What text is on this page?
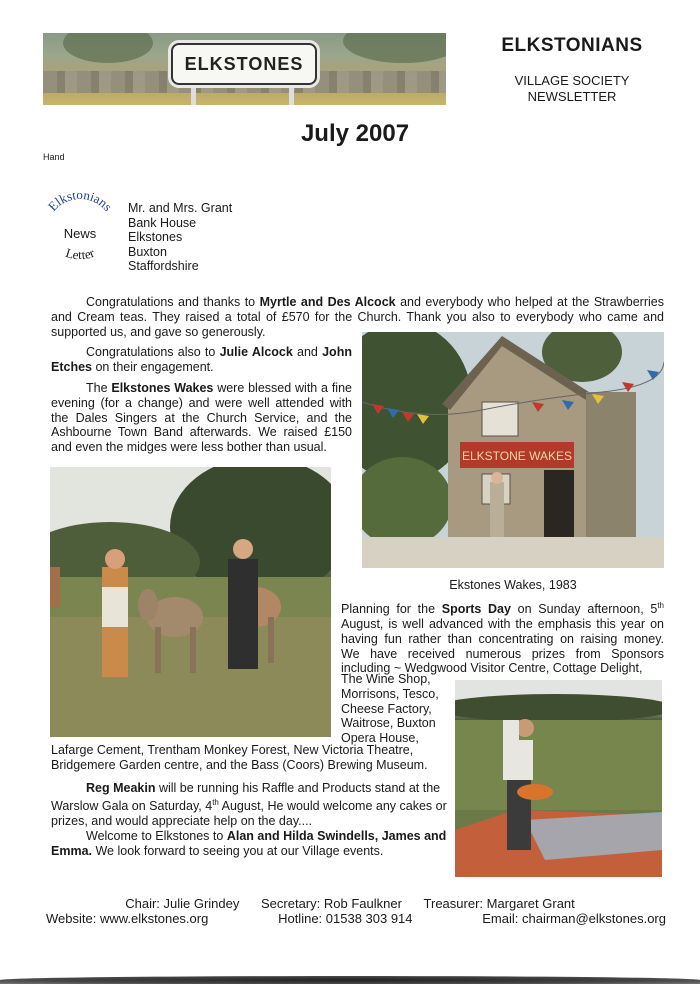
ELKSTONES
ELKSTONIANS
VILLAGE SOCIETY
NEWSLETTER
July 2007
Hand
Elkstonians
News
Letter
Mr. and Mrs. Grant
Bank House
Elkstones
Buxton
Staffordshire
Congratulations and thanks to Myrtle and Des Alcock and everybody who helped at the Strawberries and Cream teas. They raised a total of £570 for the Church. Thank you also to everybody who came and supported us, and gave so generously.
Congratulations also to Julie Alcock and John Etches on their engagement.
The Elkstones Wakes were blessed with a fine evening (for a change) and were well attended with the Dales Singers at the Church Service, and the Ashbourne Town Band afterwards. We raised £150 and even the midges were less bother than usual.
ELKSTONE WAKES
Ekstones Wakes, 1983
Planning for the Sports Day on Sunday afternoon, 5th August, is well advanced with the emphasis this year on having fun rather than concentrating on raising money. We have received numerous prizes from Sponsors including ~ Wedgwood Visitor Centre, Cottage Delight,
The Wine Shop, Morrisons, Tesco, Cheese Factory, Waitrose, Buxton Opera House,
Lafarge Cement, Trentham Monkey Forest, New Victoria Theatre, Bridgemere Garden centre, and the Bass (Coors) Brewing Museum.
Reg Meakin will be running his Raffle and Products stand at the Warslow Gala on Saturday, 4th August, He would welcome any cakes or prizes, and would appreciate help on the day....
Welcome to Elkstones to Alan and Hilda Swindells, James and Emma. We look forward to seeing you at our Village events.
Chair: Julie Grindey Secretary: Rob Faulkner Treasurer: Margaret Grant
Website: www.elkstones.org	Hotline: 01538 303 914	Email: chairman@elkstones.org
